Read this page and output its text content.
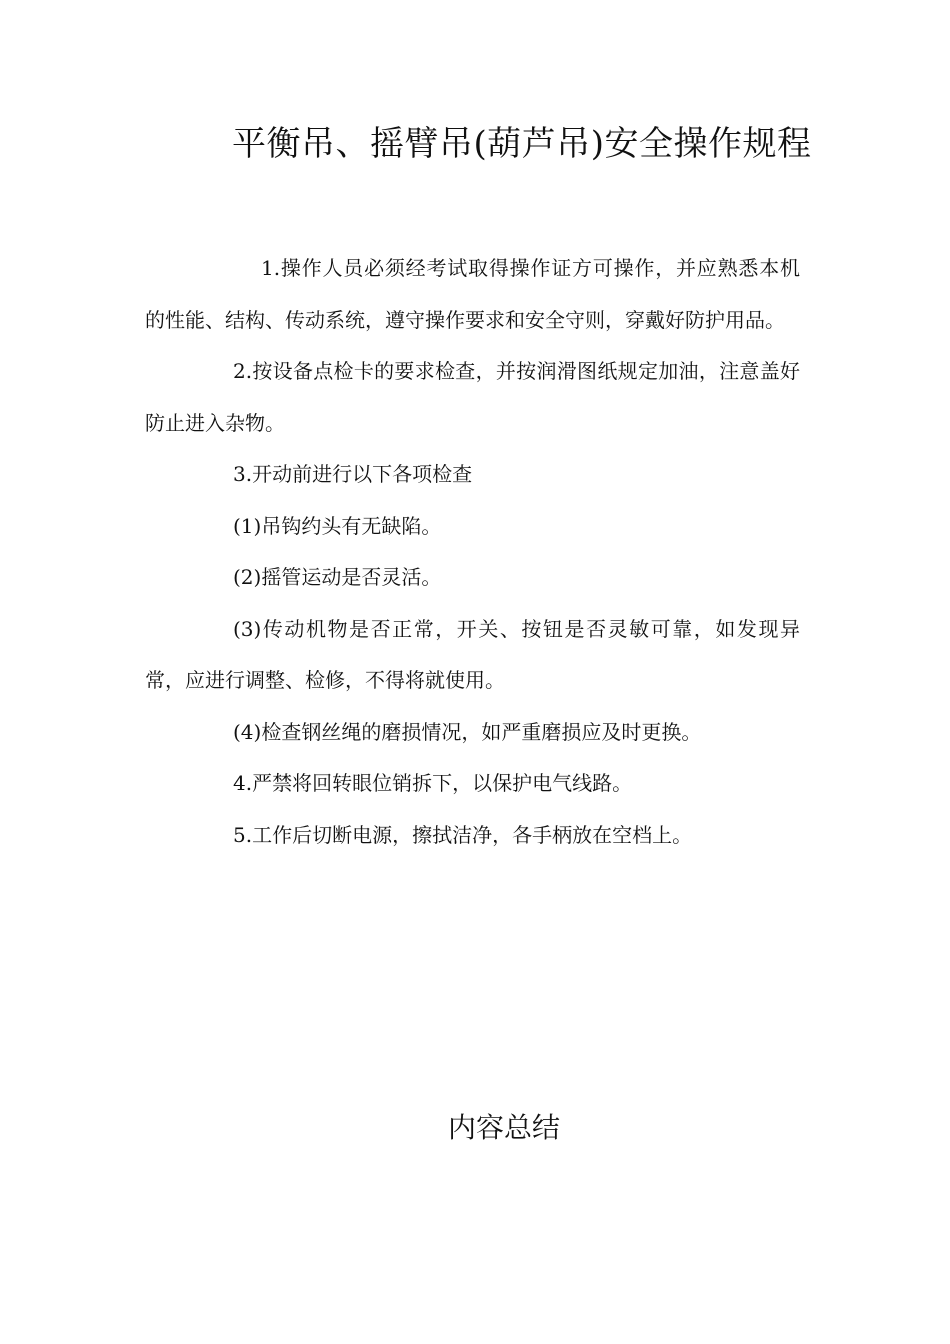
平衡吊、摇臂吊(葫芦吊)安全操作规程

1.操作人员必须经考试取得操作证方可操作，并应熟悉本机的性能、结构、传动系统，遵守操作要求和安全守则，穿戴好防护用品。

2.按设备点检卡的要求检查，并按润滑图纸规定加油，注意盖好防止进入杂物。

3.开动前进行以下各项检查

(1)吊钩约头有无缺陷。

(2)摇管运动是否灵活。

(3)传动机物是否正常，开关、按钮是否灵敏可靠，如发现异常，应进行调整、检修，不得将就使用。

(4)检查钢丝绳的磨损情况，如严重磨损应及时更换。

4.严禁将回转眼位销拆下，以保护电气线路。

5.工作后切断电源，擦拭洁净，各手柄放在空档上。

内容总结
